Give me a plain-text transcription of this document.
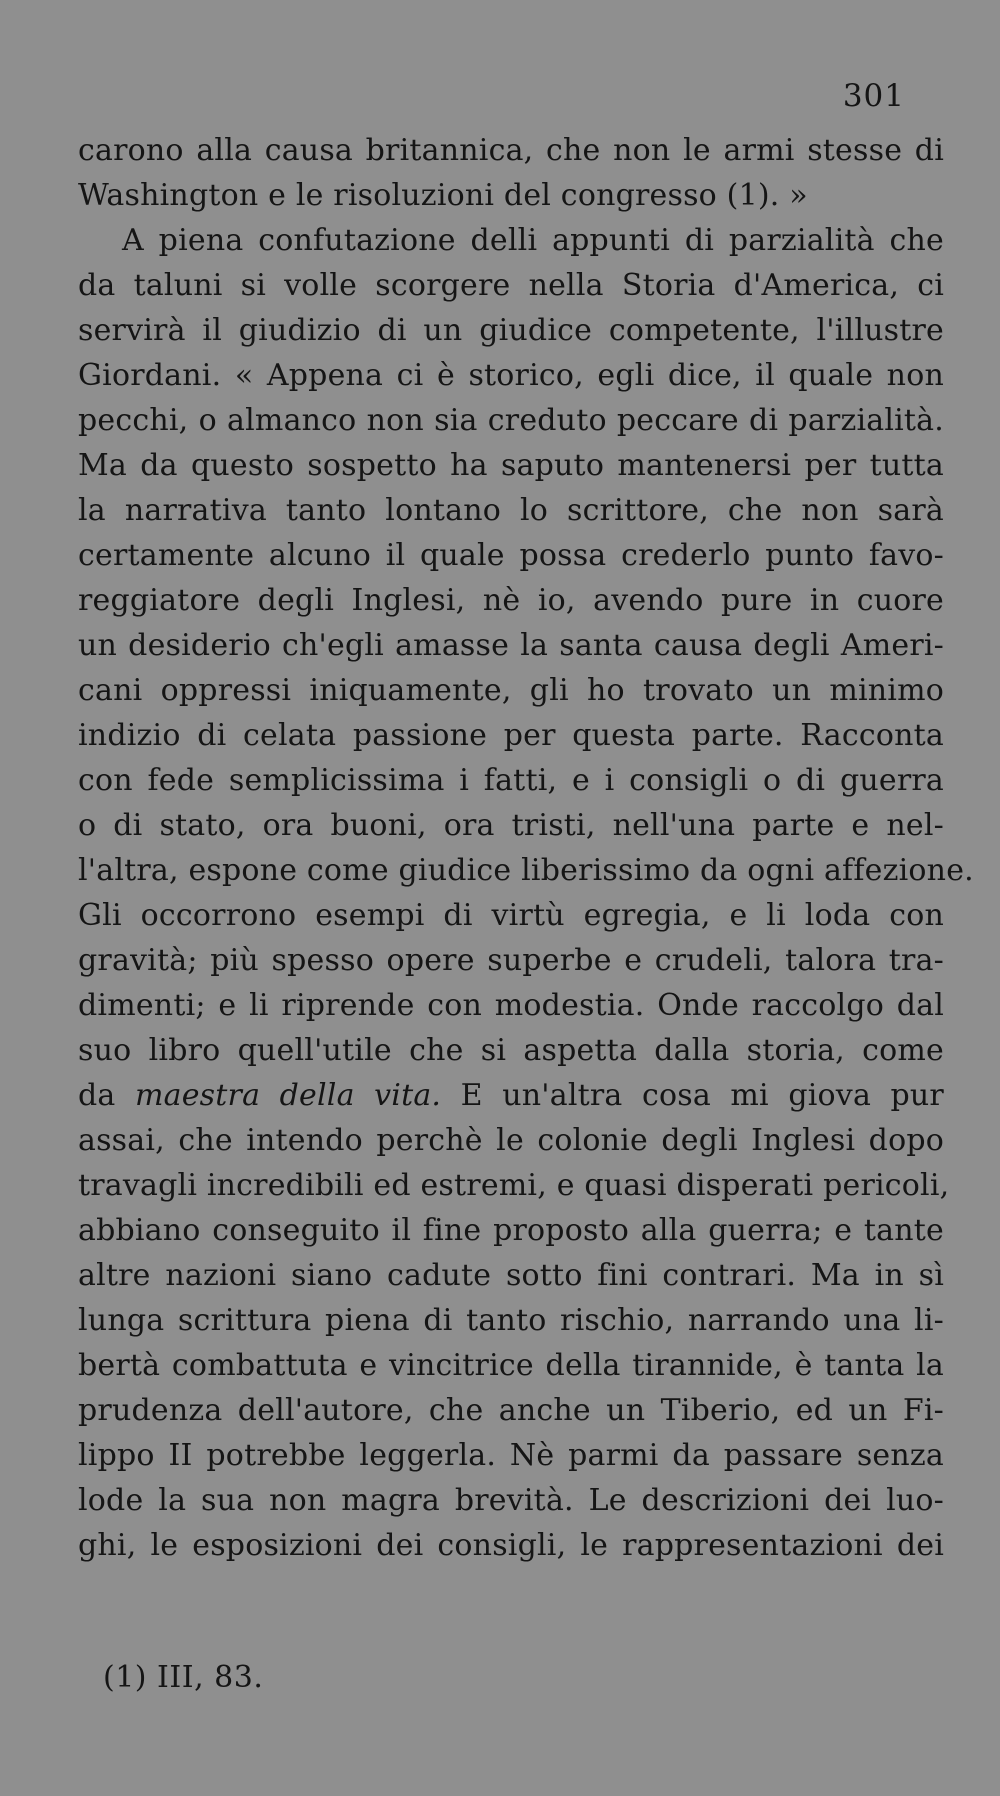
301
carono alla causa britannica, che non le armi stesse di
Washington e le risoluzioni del congresso (1). »
A piena confutazione delli appunti di parzialità che
da taluni si volle scorgere nella Storia d'America, ci
servirà il giudizio di un giudice competente, l'illustre
Giordani. « Appena ci è storico, egli dice, il quale non
pecchi, o almanco non sia creduto peccare di parzialità.
Ma da questo sospetto ha saputo mantenersi per tutta
la narrativa tanto lontano lo scrittore, che non sarà
certamente alcuno il quale possa crederlo punto favo-
reggiatore degli Inglesi, nè io, avendo pure in cuore
un desiderio ch'egli amasse la santa causa degli Ameri-
cani oppressi iniquamente, gli ho trovato un minimo
indizio di celata passione per questa parte. Racconta
con fede semplicissima i fatti, e i consigli o di guerra
o di stato, ora buoni, ora tristi, nell'una parte e nel-
l'altra, espone come giudice liberissimo da ogni affezione.
Gli occorrono esempi di virtù egregia, e li loda con
gravità; più spesso opere superbe e crudeli, talora tra-
dimenti; e li riprende con modestia. Onde raccolgo dal
suo libro quell'utile che si aspetta dalla storia, come
da maestra della vita. E un'altra cosa mi giova pur
assai, che intendo perchè le colonie degli Inglesi dopo
travagli incredibili ed estremi, e quasi disperati pericoli,
abbiano conseguito il fine proposto alla guerra; e tante
altre nazioni siano cadute sotto fini contrari. Ma in sì
lunga scrittura piena di tanto rischio, narrando una li-
bertà combattuta e vincitrice della tirannide, è tanta la
prudenza dell'autore, che anche un Tiberio, ed un Fi-
lippo II potrebbe leggerla. Nè parmi da passare senza
lode la sua non magra brevità. Le descrizioni dei luo-
ghi, le esposizioni dei consigli, le rappresentazioni dei
(1) III, 83.
